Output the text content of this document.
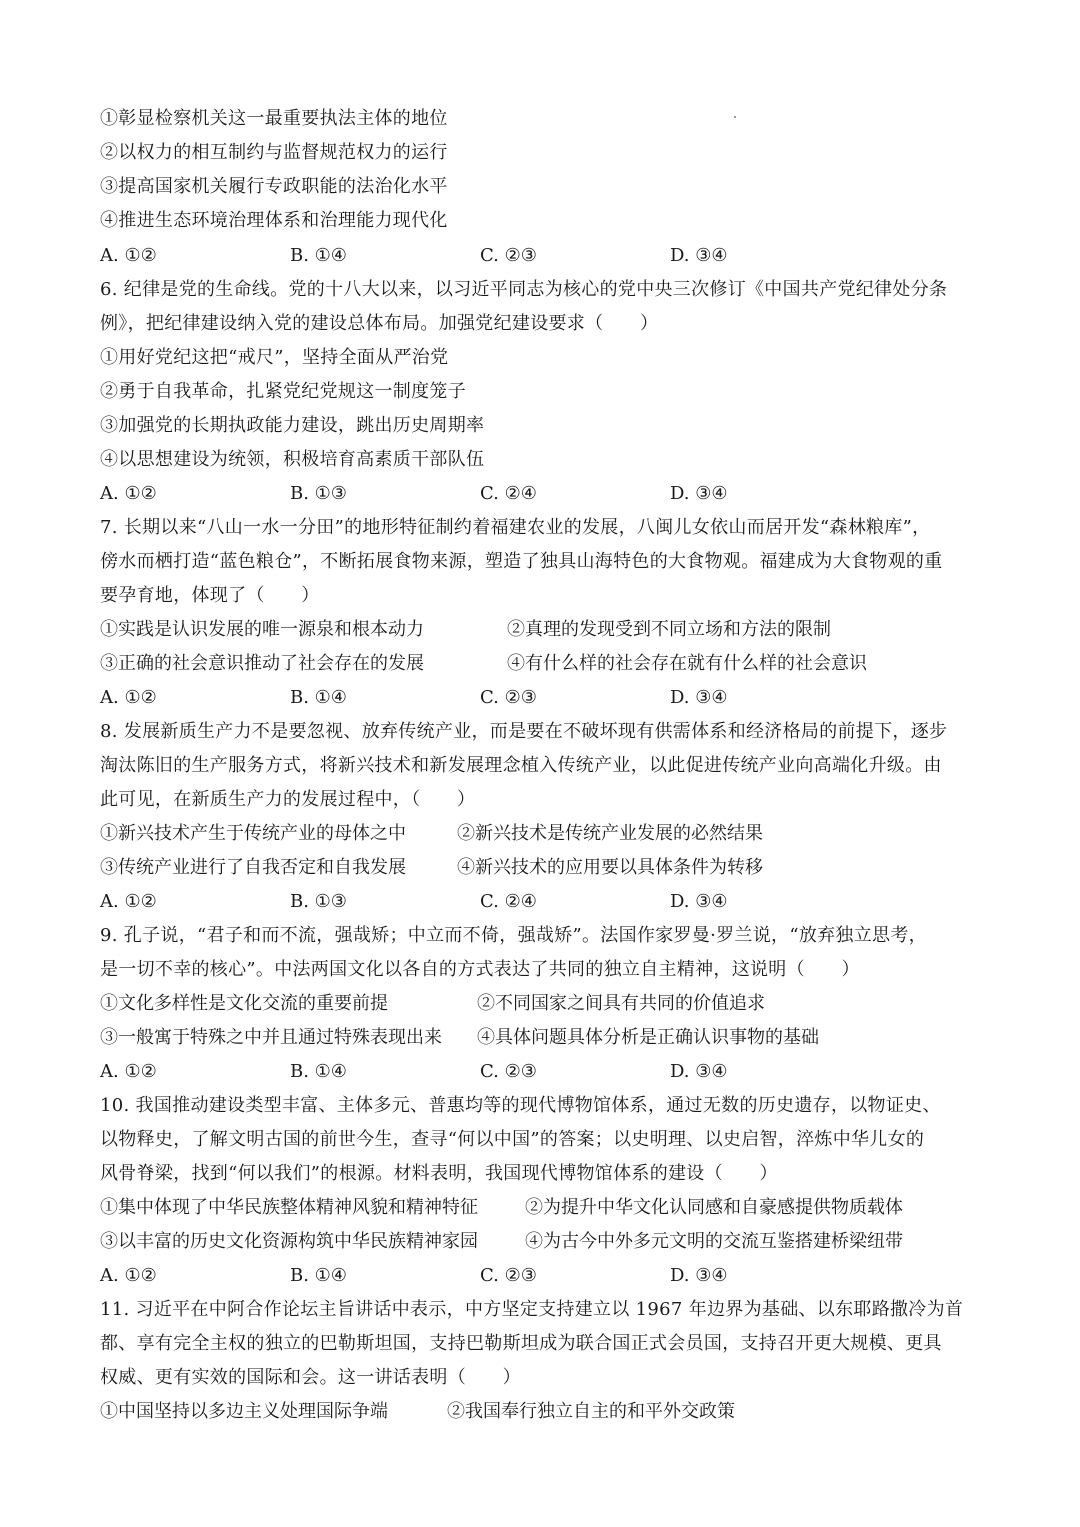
①彰显检察机关这一最重要执法主体的地位
②以权力的相互制约与监督规范权力的运行
③提高国家机关履行专政职能的法治化水平
④推进生态环境治理体系和治理能力现代化
A. ①②	B. ①④	C. ②③	D. ③④
6. 纪律是党的生命线。党的十八大以来，以习近平同志为核心的党中央三次修订《中国共产党纪律处分条
例》，把纪律建设纳入党的建设总体布局。加强党纪建设要求（　　）
①用好党纪这把“戒尺”，坚持全面从严治党
②勇于自我革命，扎紧党纪党规这一制度笼子
③加强党的长期执政能力建设，跳出历史周期率
④以思想建设为统领，积极培育高素质干部队伍
A. ①②	B. ①③	C. ②④	D. ③④
7. 长期以来“八山一水一分田”的地形特征制约着福建农业的发展，八闽儿女依山而居开发“森林粮库”，
傍水而栖打造“蓝色粮仓”，不断拓展食物来源，塑造了独具山海特色的大食物观。福建成为大食物观的重
要孕育地，体现了（　　）
①实践是认识发展的唯一源泉和根本动力	②真理的发现受到不同立场和方法的限制
③正确的社会意识推动了社会存在的发展	④有什么样的社会存在就有什么样的社会意识
A. ①②	B. ①④	C. ②③	D. ③④
8. 发展新质生产力不是要忽视、放弃传统产业，而是要在不破坏现有供需体系和经济格局的前提下，逐步
淘汰陈旧的生产服务方式，将新兴技术和新发展理念植入传统产业，以此促进传统产业向高端化升级。由
此可见，在新质生产力的发展过程中，（　　）
①新兴技术产生于传统产业的母体之中	②新兴技术是传统产业发展的必然结果
③传统产业进行了自我否定和自我发展	④新兴技术的应用要以具体条件为转移
A. ①②	B. ①③	C. ②④	D. ③④
9. 孔子说，“君子和而不流，强哉矫；中立而不倚，强哉矫”。法国作家罗曼·罗兰说，“放弃独立思考，
是一切不幸的核心”。中法两国文化以各自的方式表达了共同的独立自主精神，这说明（　　）
①文化多样性是文化交流的重要前提	②不同国家之间具有共同的价值追求
③一般寓于特殊之中并且通过特殊表现出来 ④具体问题具体分析是正确认识事物的基础
A. ①②	B. ①④	C. ②③	D. ③④
10. 我国推动建设类型丰富、主体多元、普惠均等的现代博物馆体系，通过无数的历史遗存，以物证史、
以物释史，了解文明古国的前世今生，查寻“何以中国”的答案；以史明理、以史启智，淬炼中华儿女的
风骨脊梁，找到“何以我们”的根源。材料表明，我国现代博物馆体系的建设（　　）
①集中体现了中华民族整体精神风貌和精神特征	②为提升中华文化认同感和自豪感提供物质载体
③以丰富的历史文化资源构筑中华民族精神家园	④为古今中外多元文明的交流互鉴搭建桥梁纽带
A. ①②	B. ①④	C. ②③	D. ③④
11. 习近平在中阿合作论坛主旨讲话中表示，中方坚定支持建立以 1967 年边界为基础、以东耶路撒冷为首
都、享有完全主权的独立的巴勒斯坦国，支持巴勒斯坦成为联合国正式会员国，支持召开更大规模、更具
权威、更有实效的国际和会。这一讲话表明（　　）
①中国坚持以多边主义处理国际争端	②我国奉行独立自主的和平外交政策
